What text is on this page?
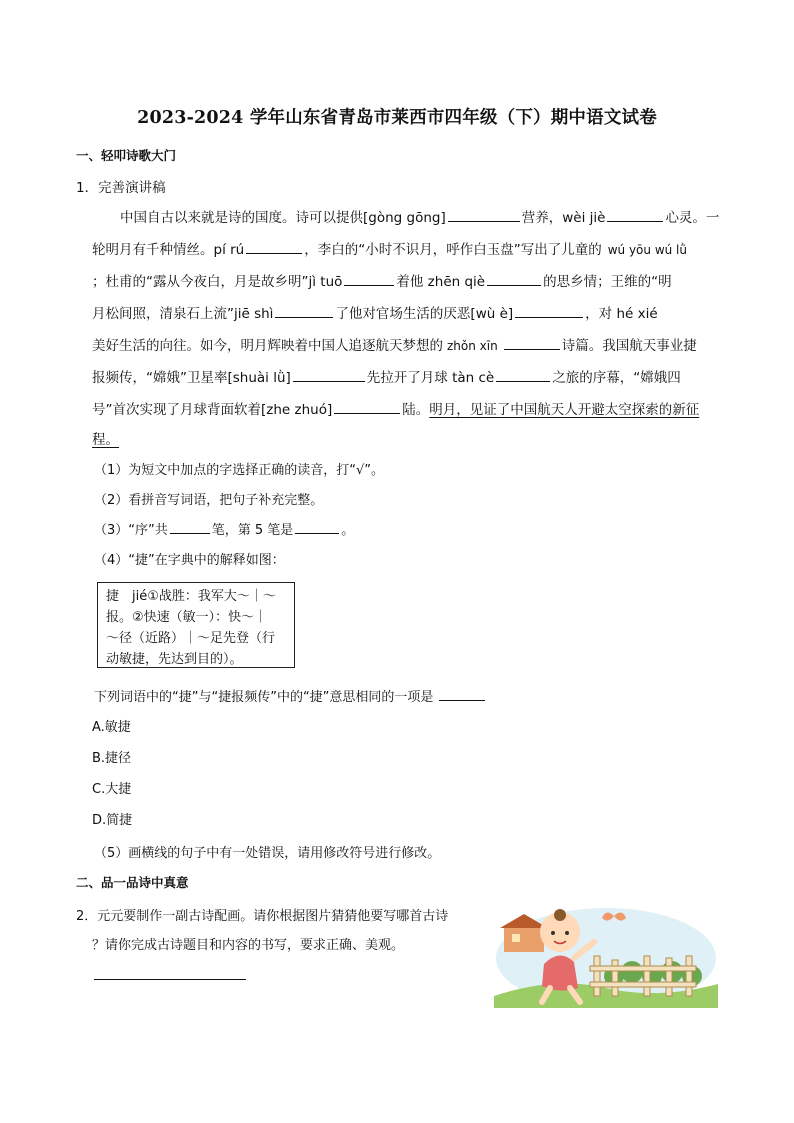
2023-2024 学年山东省青岛市莱西市四年级（下）期中语文试卷
一、轻叩诗歌大门
1．完善演讲稿
中国自古以来就是诗的国度。诗可以提供[gòng gōng]	营养，wèi jiè	心灵。一
轮明月有千种情丝。pí rú	，李白的“小时不识月，呼作白玉盘”写出了儿童的 wú yōu wú lǜ
；杜甫的“露从今夜白，月是故乡明”jì tuō	着他 zhēn qiè	的思乡情；王维的“明
月松间照，清泉石上流”jiē shì	了他对官场生活的厌恶[wù è]	，对 hé xié
美好生活的向往。如今，明月辉映着中国人追逐航天梦想的 zhǒn xīn	诗篇。我国航天事业捷
报频传，“嫦娥”卫星率[shuài lǜ]	先拉开了月球 tàn cè	之旅的序幕，“嫦娥四
号”首次实现了月球背面软着[zhe zhuó]	陆。明月，见证了中国航天人开避太空探索的新征
程。
（1）为短文中加点的字选择正确的读音，打“√”。
（2）看拼音写词语，把句子补充完整。
（3）“序”共	笔，第 5 笔是	。
（4）“捷”在字典中的解释如图：
捷　jié①战胜：我军大～｜～
报。②快速（敏一）：快～｜
～径（近路）｜～足先登（行
动敏捷，先达到目的）。
下列词语中的“捷”与“捷报频传”中的“捷”意思相同的一项是
A.敏捷
B.捷径
C.大捷
D.简捷
（5）画横线的句子中有一处错误，请用修改符号进行修改。
二、品一品诗中真意
2．元元要制作一副古诗配画。请你根据图片猜猜他要写哪首古诗
？请你完成古诗题目和内容的书写，要求正确、美观。
